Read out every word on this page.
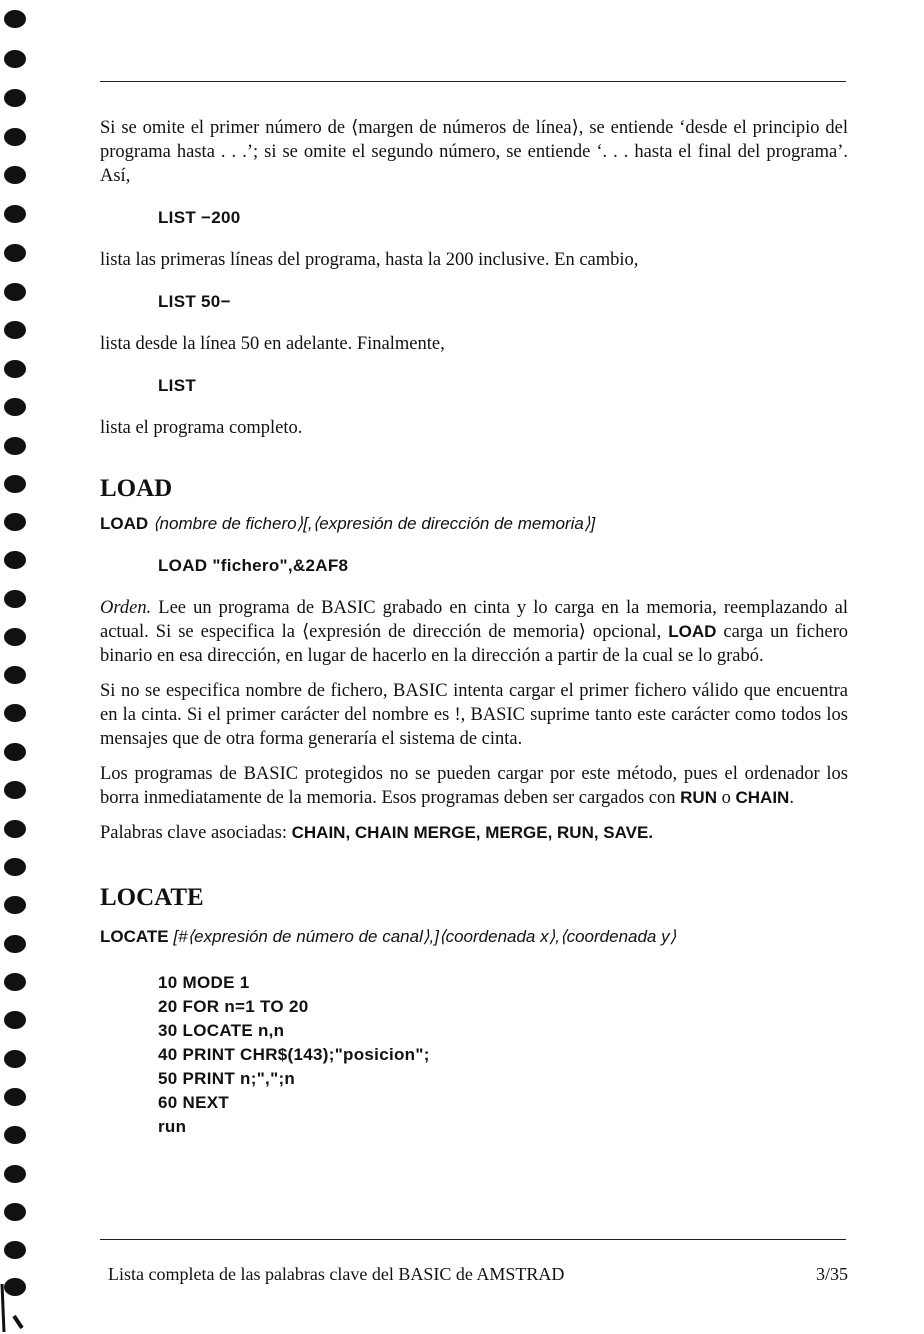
Si se omite el primer número de ⟨margen de números de línea⟩, se entiende ‘desde el principio del programa hasta . . .’; si se omite el segundo número, se entiende ‘. . . hasta el final del programa’. Así,

LIST −200

lista las primeras líneas del programa, hasta la 200 inclusive. En cambio,

LIST 50−

lista desde la línea 50 en adelante. Finalmente,

LIST

lista el programa completo.

LOAD
LOAD ⟨nombre de fichero⟩[,⟨expresión de dirección de memoria⟩]
LOAD "fichero",&2AF8

Orden. Lee un programa de BASIC grabado en cinta y lo carga en la memoria, reemplazando al actual. Si se especifica la ⟨expresión de dirección de memoria⟩ opcional, LOAD carga un fichero binario en esa dirección, en lugar de hacerlo en la dirección a partir de la cual se lo grabó.

Si no se especifica nombre de fichero, BASIC intenta cargar el primer fichero válido que encuentra en la cinta. Si el primer carácter del nombre es !, BASIC suprime tanto este carácter como todos los mensajes que de otra forma generaría el sistema de cinta.

Los programas de BASIC protegidos no se pueden cargar por este método, pues el ordenador los borra inmediatamente de la memoria. Esos programas deben ser cargados con RUN o CHAIN.

Palabras clave asociadas: CHAIN, CHAIN MERGE, MERGE, RUN, SAVE.

LOCATE
LOCATE [#⟨expresión de número de canal⟩,]⟨coordenada x⟩,⟨coordenada y⟩
10 MODE 1
20 FOR n=1 TO 20
30 LOCATE n,n
40 PRINT CHR$(143);"posicion";
50 PRINT n;",";n
60 NEXT
run
Lista completa de las palabras clave del BASIC de AMSTRAD	3/35
